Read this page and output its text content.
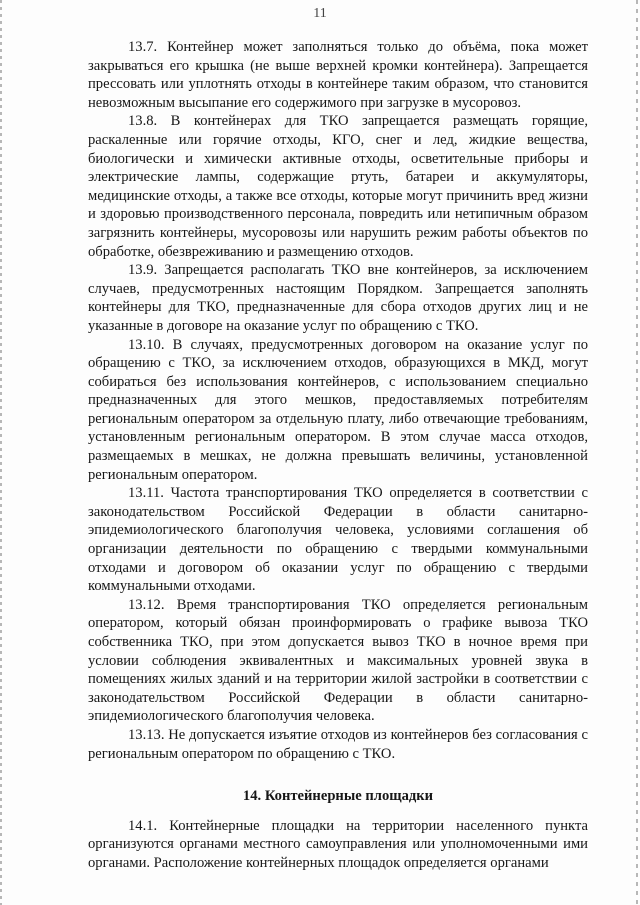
11

13.7. Контейнер может заполняться только до объёма, пока может закрываться его крышка (не выше верхней кромки контейнера). Запрещается прессовать или уплотнять отходы в контейнере таким образом, что становится невозможным высыпание его содержимого при загрузке в мусоровоз.

13.8. В контейнерах для ТКО запрещается размещать горящие, раскаленные или горячие отходы, КГО, снег и лед, жидкие вещества, биологически и химически активные отходы, осветительные приборы и электрические лампы, содержащие ртуть, батареи и аккумуляторы, медицинские отходы, а также все отходы, которые могут причинить вред жизни и здоровью производственного персонала, повредить или нетипичным образом загрязнить контейнеры, мусоровозы или нарушить режим работы объектов по обработке, обезвреживанию и размещению отходов.

13.9. Запрещается располагать ТКО вне контейнеров, за исключением случаев, предусмотренных настоящим Порядком. Запрещается заполнять контейнеры для ТКО, предназначенные для сбора отходов других лиц и не указанные в договоре на оказание услуг по обращению с ТКО.

13.10. В случаях, предусмотренных договором на оказание услуг по обращению с ТКО, за исключением отходов, образующихся в МКД, могут собираться без использования контейнеров, с использованием специально предназначенных для этого мешков, предоставляемых потребителям региональным оператором за отдельную плату, либо отвечающие требованиям, установленным региональным оператором. В этом случае масса отходов, размещаемых в мешках, не должна превышать величины, установленной региональным оператором.

13.11. Частота транспортирования ТКО определяется в соответствии с законодательством Российской Федерации в области санитарно-эпидемиологического благополучия человека, условиями соглашения об организации деятельности по обращению с твердыми коммунальными отходами и договором об оказании услуг по обращению с твердыми коммунальными отходами.

13.12. Время транспортирования ТКО определяется региональным оператором, который обязан проинформировать о графике вывоза ТКО собственника ТКО, при этом допускается вывоз ТКО в ночное время при условии соблюдения эквивалентных и максимальных уровней звука в помещениях жилых зданий и на территории жилой застройки в соответствии с законодательством Российской Федерации в области санитарно-эпидемиологического благополучия человека.

13.13. Не допускается изъятие отходов из контейнеров без согласования с региональным оператором по обращению с ТКО.

14. Контейнерные площадки

14.1. Контейнерные площадки на территории населенного пункта организуются органами местного самоуправления или уполномоченными ими органами. Расположение контейнерных площадок определяется органами
